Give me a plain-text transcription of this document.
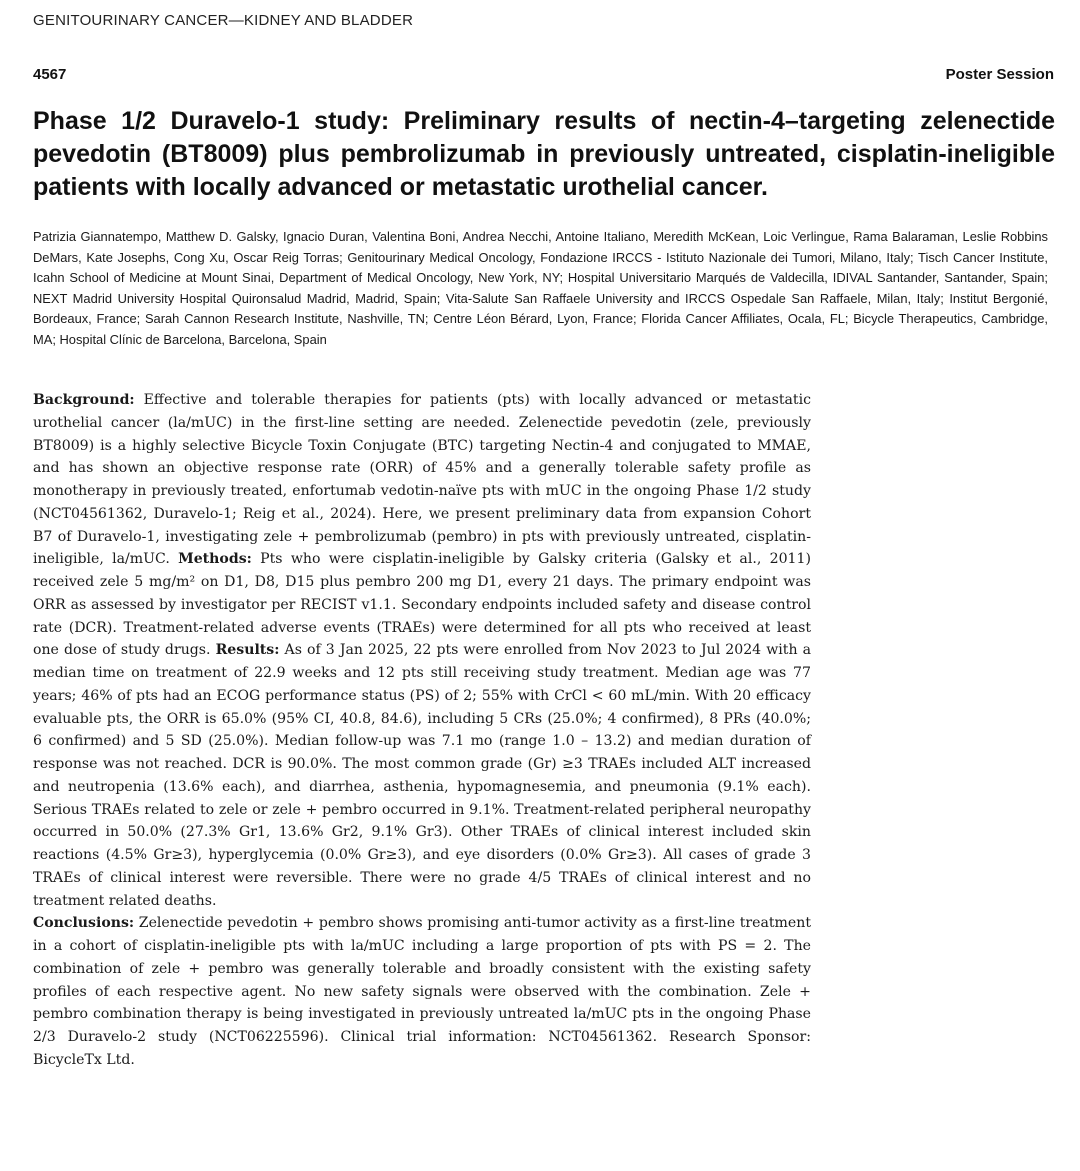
GENITOURINARY CANCER—KIDNEY AND BLADDER
4567	Poster Session
Phase 1/2 Duravelo-1 study: Preliminary results of nectin-4–targeting zelenectide pevedotin (BT8009) plus pembrolizumab in previously untreated, cisplatin-ineligible patients with locally advanced or metastatic urothelial cancer.

Patrizia Giannatempo, Matthew D. Galsky, Ignacio Duran, Valentina Boni, Andrea Necchi, Antoine Italiano, Meredith McKean, Loic Verlingue, Rama Balaraman, Leslie Robbins DeMars, Kate Josephs, Cong Xu, Oscar Reig Torras; Genitourinary Medical Oncology, Fondazione IRCCS - Istituto Nazionale dei Tumori, Milano, Italy; Tisch Cancer Institute, Icahn School of Medicine at Mount Sinai, Department of Medical Oncology, New York, NY; Hospital Universitario Marqués de Valdecilla, IDIVAL Santander, Santander, Spain; NEXT Madrid University Hospital Quironsalud Madrid, Madrid, Spain; Vita-Salute San Raffaele University and IRCCS Ospedale San Raffaele, Milan, Italy; Institut Bergonié, Bordeaux, France; Sarah Cannon Research Institute, Nashville, TN; Centre Léon Bérard, Lyon, France; Florida Cancer Affiliates, Ocala, FL; Bicycle Therapeutics, Cambridge, MA; Hospital Clínic de Barcelona, Barcelona, Spain

Background: Effective and tolerable therapies for patients (pts) with locally advanced or metastatic urothelial cancer (la/mUC) in the first-line setting are needed. Zelenectide pevedotin (zele, previously BT8009) is a highly selective Bicycle Toxin Conjugate (BTC) targeting Nectin-4 and conjugated to MMAE, and has shown an objective response rate (ORR) of 45% and a generally tolerable safety profile as monotherapy in previously treated, enfortumab vedotin-naïve pts with mUC in the ongoing Phase 1/2 study (NCT04561362, Duravelo-1; Reig et al., 2024). Here, we present preliminary data from expansion Cohort B7 of Duravelo-1, investigating zele + pembrolizumab (pembro) in pts with previously untreated, cisplatin-ineligible, la/mUC. Methods: Pts who were cisplatin-ineligible by Galsky criteria (Galsky et al., 2011) received zele 5 mg/m² on D1, D8, D15 plus pembro 200 mg D1, every 21 days. The primary endpoint was ORR as assessed by investigator per RECIST v1.1. Secondary endpoints included safety and disease control rate (DCR). Treatment-related adverse events (TRAEs) were determined for all pts who received at least one dose of study drugs. Results: As of 3 Jan 2025, 22 pts were enrolled from Nov 2023 to Jul 2024 with a median time on treatment of 22.9 weeks and 12 pts still receiving study treatment. Median age was 77 years; 46% of pts had an ECOG performance status (PS) of 2; 55% with CrCl < 60 mL/min. With 20 efficacy evaluable pts, the ORR is 65.0% (95% CI, 40.8, 84.6), including 5 CRs (25.0%; 4 confirmed), 8 PRs (40.0%; 6 confirmed) and 5 SD (25.0%). Median follow-up was 7.1 mo (range 1.0 – 13.2) and median duration of response was not reached. DCR is 90.0%. The most common grade (Gr) ≥3 TRAEs included ALT increased and neutropenia (13.6% each), and diarrhea, asthenia, hypomagnesemia, and pneumonia (9.1% each). Serious TRAEs related to zele or zele + pembro occurred in 9.1%. Treatment-related peripheral neuropathy occurred in 50.0% (27.3% Gr1, 13.6% Gr2, 9.1% Gr3). Other TRAEs of clinical interest included skin reactions (4.5% Gr≥3), hyperglycemia (0.0% Gr≥3), and eye disorders (0.0% Gr≥3). All cases of grade 3 TRAEs of clinical interest were reversible. There were no grade 4/5 TRAEs of clinical interest and no treatment related deaths.
Conclusions: Zelenectide pevedotin + pembro shows promising anti-tumor activity as a first-line treatment in a cohort of cisplatin-ineligible pts with la/mUC including a large proportion of pts with PS = 2. The combination of zele + pembro was generally tolerable and broadly consistent with the existing safety profiles of each respective agent. No new safety signals were observed with the combination. Zele + pembro combination therapy is being investigated in previously untreated la/mUC pts in the ongoing Phase 2/3 Duravelo-2 study (NCT06225596). Clinical trial information: NCT04561362. Research Sponsor: BicycleTx Ltd.
